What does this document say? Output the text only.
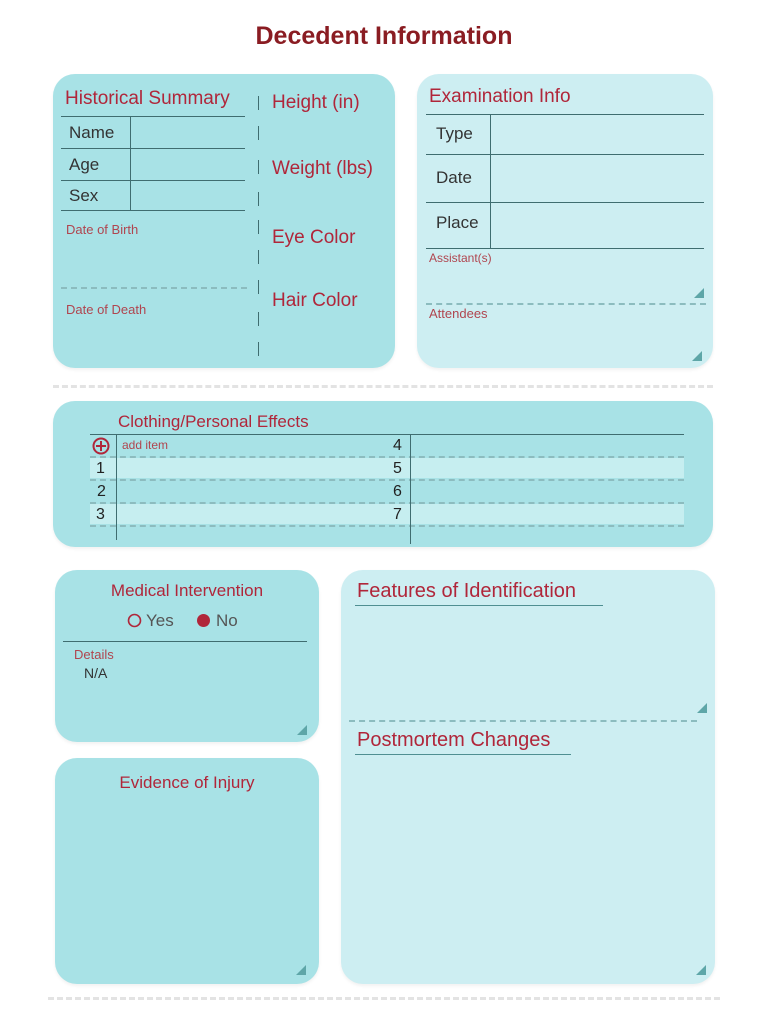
Decedent Information
Historical Summary
Name
Age
Sex
Date of Birth
Date of Death
Height (in)
Weight (lbs)
Eye Color
Hair Color
Examination Info
Type
Date
Place
Assistant(s)
Attendees
Clothing/Personal Effects
add item
1
2
3
4
5
6
7
Medical Intervention
Yes No
Details
N/A
Evidence of Injury
Features of Identification
Postmortem Changes
